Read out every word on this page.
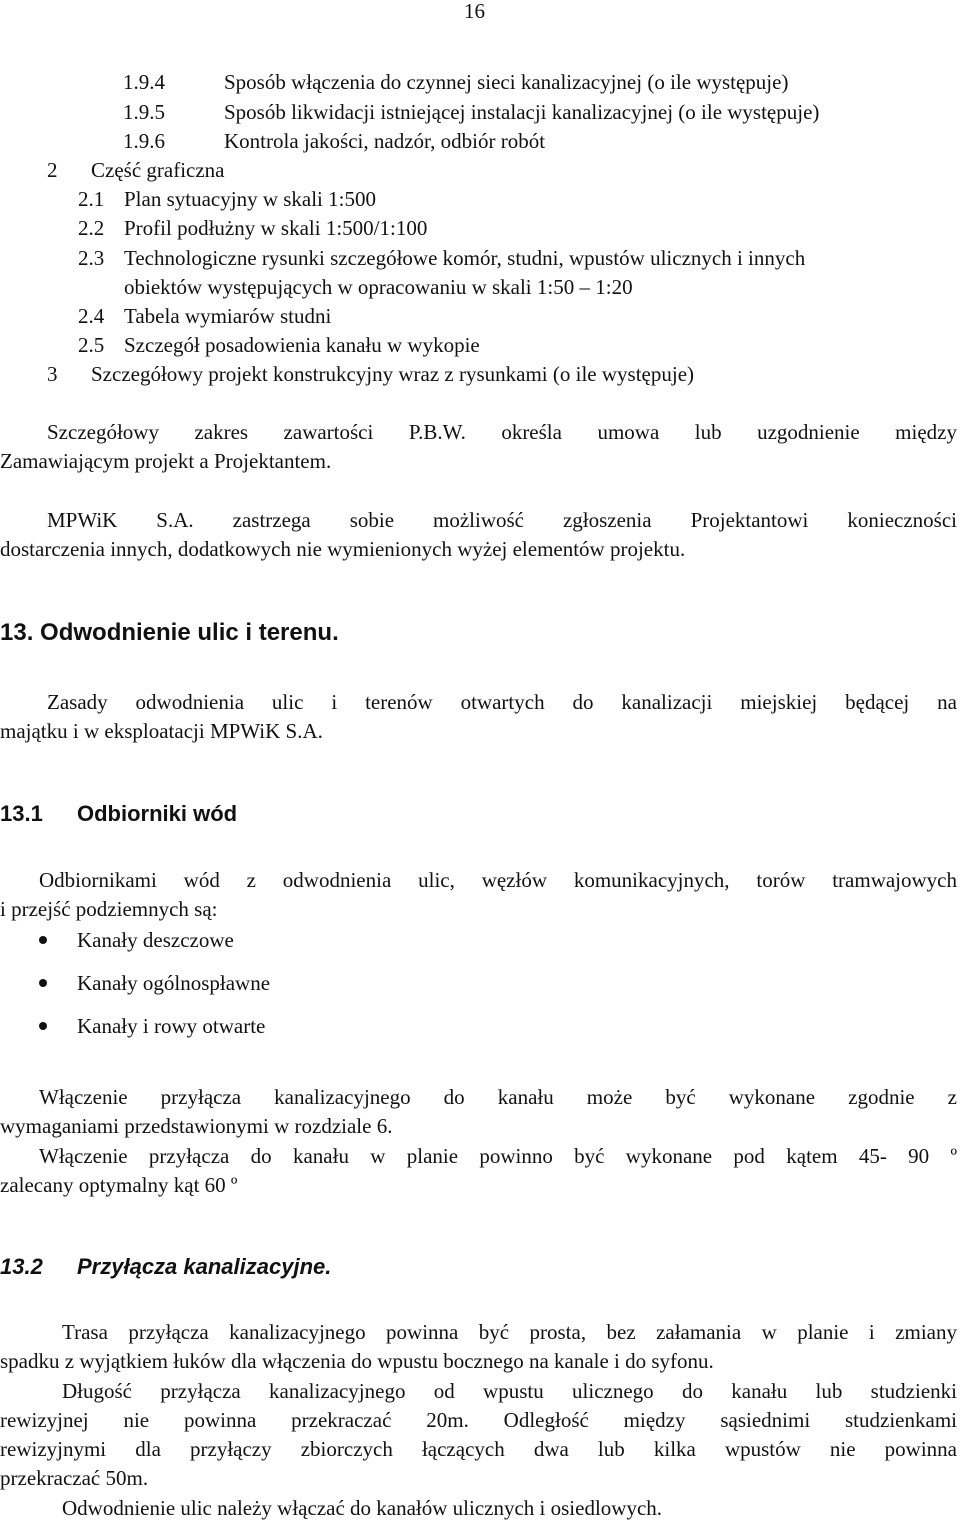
16
1.9.4	Sposób włączenia do czynnej sieci kanalizacyjnej (o ile występuje)
1.9.5	Sposób likwidacji istniejącej instalacji kanalizacyjnej (o ile występuje)
1.9.6	Kontrola jakości, nadzór, odbiór robót
2 Część graficzna
2.1 Plan sytuacyjny w skali 1:500
2.2 Profil podłużny w skali 1:500/1:100
2.3 Technologiczne rysunki szczegółowe komór, studni, wpustów ulicznych i innych
obiektów występujących w opracowaniu w skali 1:50 – 1:20
2.4 Tabela wymiarów studni
2.5 Szczegół posadowienia kanału w wykopie
3 Szczegółowy projekt konstrukcyjny wraz z rysunkami (o ile występuje)
Szczegółowy zakres zawartości P.B.W. określa umowa lub uzgodnienie między
Zamawiającym projekt a Projektantem.
MPWiK S.A. zastrzega sobie możliwość zgłoszenia Projektantowi konieczności
dostarczenia innych, dodatkowych nie wymienionych wyżej elementów projektu.
13. Odwodnienie ulic i terenu.
Zasady odwodnienia ulic i terenów otwartych do kanalizacji miejskiej będącej na
majątku i w eksploatacji MPWiK S.A.
13.1 Odbiorniki wód
Odbiornikami wód z odwodnienia ulic, węzłów komunikacyjnych, torów tramwajowych
i przejść podziemnych są:
Kanały deszczowe
Kanały ogólnospławne
Kanały i rowy otwarte
Włączenie przyłącza kanalizacyjnego do kanału może być wykonane zgodnie z
wymaganiami przedstawionymi w rozdziale 6.
Włączenie przyłącza do kanału w planie powinno być wykonane pod kątem 45- 90 º
zalecany optymalny kąt 60 º
13.2 Przyłącza kanalizacyjne.
Trasa przyłącza kanalizacyjnego powinna być prosta, bez załamania w planie i zmiany
spadku z wyjątkiem łuków dla włączenia do wpustu bocznego na kanale i do syfonu.
Długość przyłącza kanalizacyjnego od wpustu ulicznego do kanału lub studzienki
rewizyjnej nie powinna przekraczać 20m. Odległość między sąsiednimi studzienkami
rewizyjnymi dla przyłączy zbiorczych łączących dwa lub kilka wpustów nie powinna
przekraczać 50m.
Odwodnienie ulic należy włączać do kanałów ulicznych i osiedlowych.
